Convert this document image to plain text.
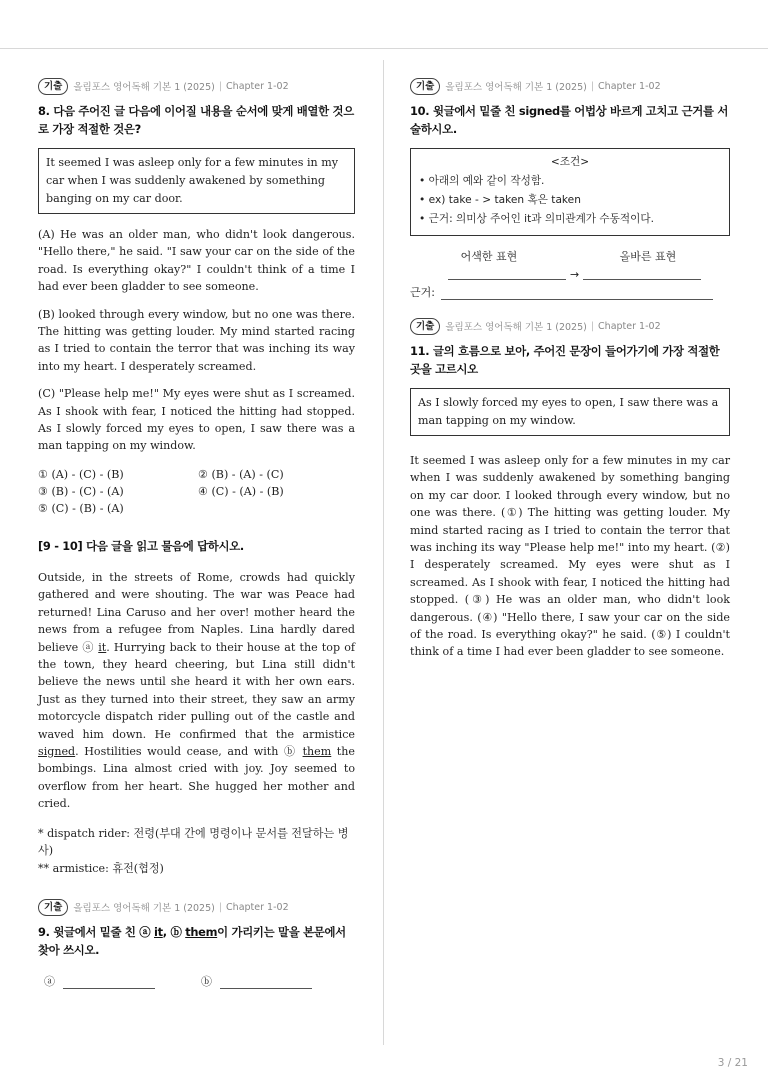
기출	올림포스 영어독해 기본 1 (2025) | Chapter 1-02
8. 다음 주어진 글 다음에 이어질 내용을 순서에 맞게 배열한 것으로 가장 적절한 것은?
It seemed I was asleep only for a few minutes in my car when I was suddenly awakened by something banging on my car door.

(A) He was an older man, who didn't look dangerous. "Hello there," he said. "I saw your car on the side of the road. Is everything okay?" I couldn't think of a time I had ever been gladder to see someone.

(B) looked through every window, but no one was there. The hitting was getting louder. My mind started racing as I tried to contain the terror that was inching its way into my heart. I desperately screamed.

(C) "Please help me!" My eyes were shut as I screamed. As I shook with fear, I noticed the hitting had stopped. As I slowly forced my eyes to open, I saw there was a man tapping on my window.

① (A) - (C) - (B)	② (B) - (A) - (C)
③ (B) - (C) - (A)	④ (C) - (A) - (B)
⑤ (C) - (B) - (A)
[9 - 10] 다음 글을 읽고 물음에 답하시오.

Outside, in the streets of Rome, crowds had quickly gathered and were shouting. The war was Peace had returned! Lina Caruso and her over! mother heard the news from a refugee from Naples. Lina hardly dared believe ⓐ it. Hurrying back to their house at the top of the town, they heard cheering, but Lina still didn't believe the news until she heard it with her own ears. Just as they turned into their street, they saw an army motorcycle dispatch rider pulling out of the castle and waved him down. He confirmed that the armistice signed. Hostilities would cease, and with ⓑ them the bombings. Lina almost cried with joy. Joy seemed to overflow from her heart. She hugged her mother and cried.

* dispatch rider: 전령(부대 간에 명령이나 문서를 전달하는 병사)
** armistice: 휴전(협정)
기출	올림포스 영어독해 기본 1 (2025) | Chapter 1-02
9. 윗글에서 밑줄 친 ⓐ it, ⓑ them이 가리키는 말을 본문에서 찾아 쓰시오.
ⓐ	ⓑ
기출	올림포스 영어독해 기본 1 (2025) | Chapter 1-02
10. 윗글에서 밑줄 친 signed를 어법상 바르게 고치고 근거를 서술하시오.
<조건>
• 아래의 예와 같이 작성함.
• ex) take - > taken 혹은 taken
• 근거: 의미상 주어인 it과 의미관계가 수동적이다.
어색한 표현	올바른 표현
→
근거:
기출	올림포스 영어독해 기본 1 (2025) | Chapter 1-02
11. 글의 흐름으로 보아, 주어진 문장이 들어가기에 가장 적절한 곳을 고르시오
As I slowly forced my eyes to open, I saw there was a man tapping on my window.

It seemed I was asleep only for a few minutes in my car when I was suddenly awakened by something banging on my car door. I looked through every window, but no one was there. (①) The hitting was getting louder. My mind started racing as I tried to contain the terror that was inching its way "Please help me!" into my heart. (②) I desperately screamed. My eyes were shut as I screamed. As I shook with fear, I noticed the hitting had stopped. (③) He was an older man, who didn't look dangerous. (④) "Hello there, I saw your car on the side of the road. Is everything okay?" he said. (⑤) I couldn't think of a time I had ever been gladder to see someone.

3 / 21
